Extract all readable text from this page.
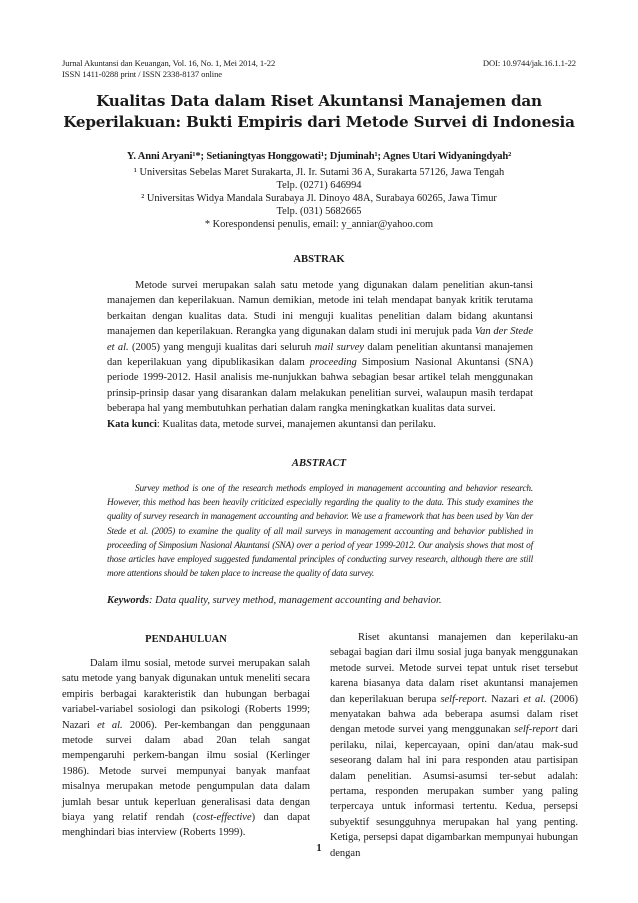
Jurnal Akuntansi dan Keuangan, Vol. 16, No. 1, Mei 2014, 1-22
ISSN 1411-0288 print / ISSN 2338-8137 online
DOI: 10.9744/jak.16.1.1-22
Kualitas Data dalam Riset Akuntansi Manajemen dan
Keperilakuan: Bukti Empiris dari Metode Survei di Indonesia
Y. Anni Aryani¹*; Setianingtyas Honggowati¹; Djuminah¹; Agnes Utari Widyaningdyah²
¹ Universitas Sebelas Maret Surakarta, Jl. Ir. Sutami 36 A, Surakarta 57126, Jawa Tengah
Telp. (0271) 646994
² Universitas Widya Mandala Surabaya Jl. Dinoyo 48A, Surabaya 60265, Jawa Timur
Telp. (031) 5682665
* Korespondensi penulis, email: y_anniar@yahoo.com
ABSTRAK
Metode survei merupakan salah satu metode yang digunakan dalam penelitian akun-tansi manajemen dan keperilakuan. Namun demikian, metode ini telah mendapat banyak kritik terutama berkaitan dengan kualitas data. Studi ini menguji kualitas penelitian dalam bidang akuntansi manajemen dan keperilakuan. Rerangka yang digunakan dalam studi ini merujuk pada Van der Stede et al. (2005) yang menguji kualitas dari seluruh mail survey dalam penelitian akuntansi manajemen dan keperilakuan yang dipublikasikan dalam proceeding Simposium Nasional Akuntansi (SNA) periode 1999-2012. Hasil analisis me-nunjukkan bahwa sebagian besar artikel telah menggunakan prinsip-prinsip dasar yang disarankan dalam melakukan penelitian survei, walaupun masih terdapat beberapa hal yang membutuhkan perhatian dalam rangka meningkatkan kualitas data survei.
Kata kunci: Kualitas data, metode survei, manajemen akuntansi dan perilaku.
ABSTRACT
Survey method is one of the research methods employed in management accounting and behavior research. However, this method has been heavily criticized especially regarding the quality to the data. This study examines the quality of survey research in management accounting and behavior. We use a framework that has been used by Van der Stede et al. (2005) to examine the quality of all mail surveys in management accounting and behavior published in proceeding of Simposium Nasional Akuntansi (SNA) over a period of year 1999-2012. Our analysis shows that most of those articles have employed suggested fundamental principles of conducting survey research, although there are still more attentions should be taken place to increase the quality of data survey.
Keywords: Data quality, survey method, management accounting and behavior.
PENDAHULUAN
Dalam ilmu sosial, metode survei merupakan salah satu metode yang banyak digunakan untuk meneliti secara empiris berbagai karakteristik dan hubungan berbagai variabel-variabel sosiologi dan psikologi (Roberts 1999; Nazari et al. 2006). Per-kembangan dan penggunaan metode survei dalam abad 20an telah sangat mempengaruhi perkem-bangan ilmu sosial (Kerlinger 1986). Metode survei mempunyai banyak manfaat misalnya merupakan metode pengumpulan data dalam jumlah besar untuk keperluan generalisasi data dengan biaya yang relatif rendah (cost-effective) dan dapat menghindari bias interview (Roberts 1999).
Riset akuntansi manajemen dan keperilaku-an sebagai bagian dari ilmu sosial juga banyak menggunakan metode survei. Metode survei tepat untuk riset tersebut karena biasanya data dalam riset akuntansi manajemen dan keperilakuan berupa self-report. Nazari et al. (2006) menyatakan bahwa ada beberapa asumsi dalam riset dengan metode survei yang menggunakan self-report dari perilaku, nilai, kepercayaan, opini dan/atau mak-sud seseorang dalam hal ini para responden atau partisipan dalam penelitian. Asumsi-asumsi ter-sebut adalah: pertama, responden merupakan sumber yang paling terpercaya untuk informasi tertentu. Kedua, persepsi subyektif sesungguhnya merupakan hal yang penting. Ketiga, persepsi dapat digambarkan mempunyai hubungan dengan
1
